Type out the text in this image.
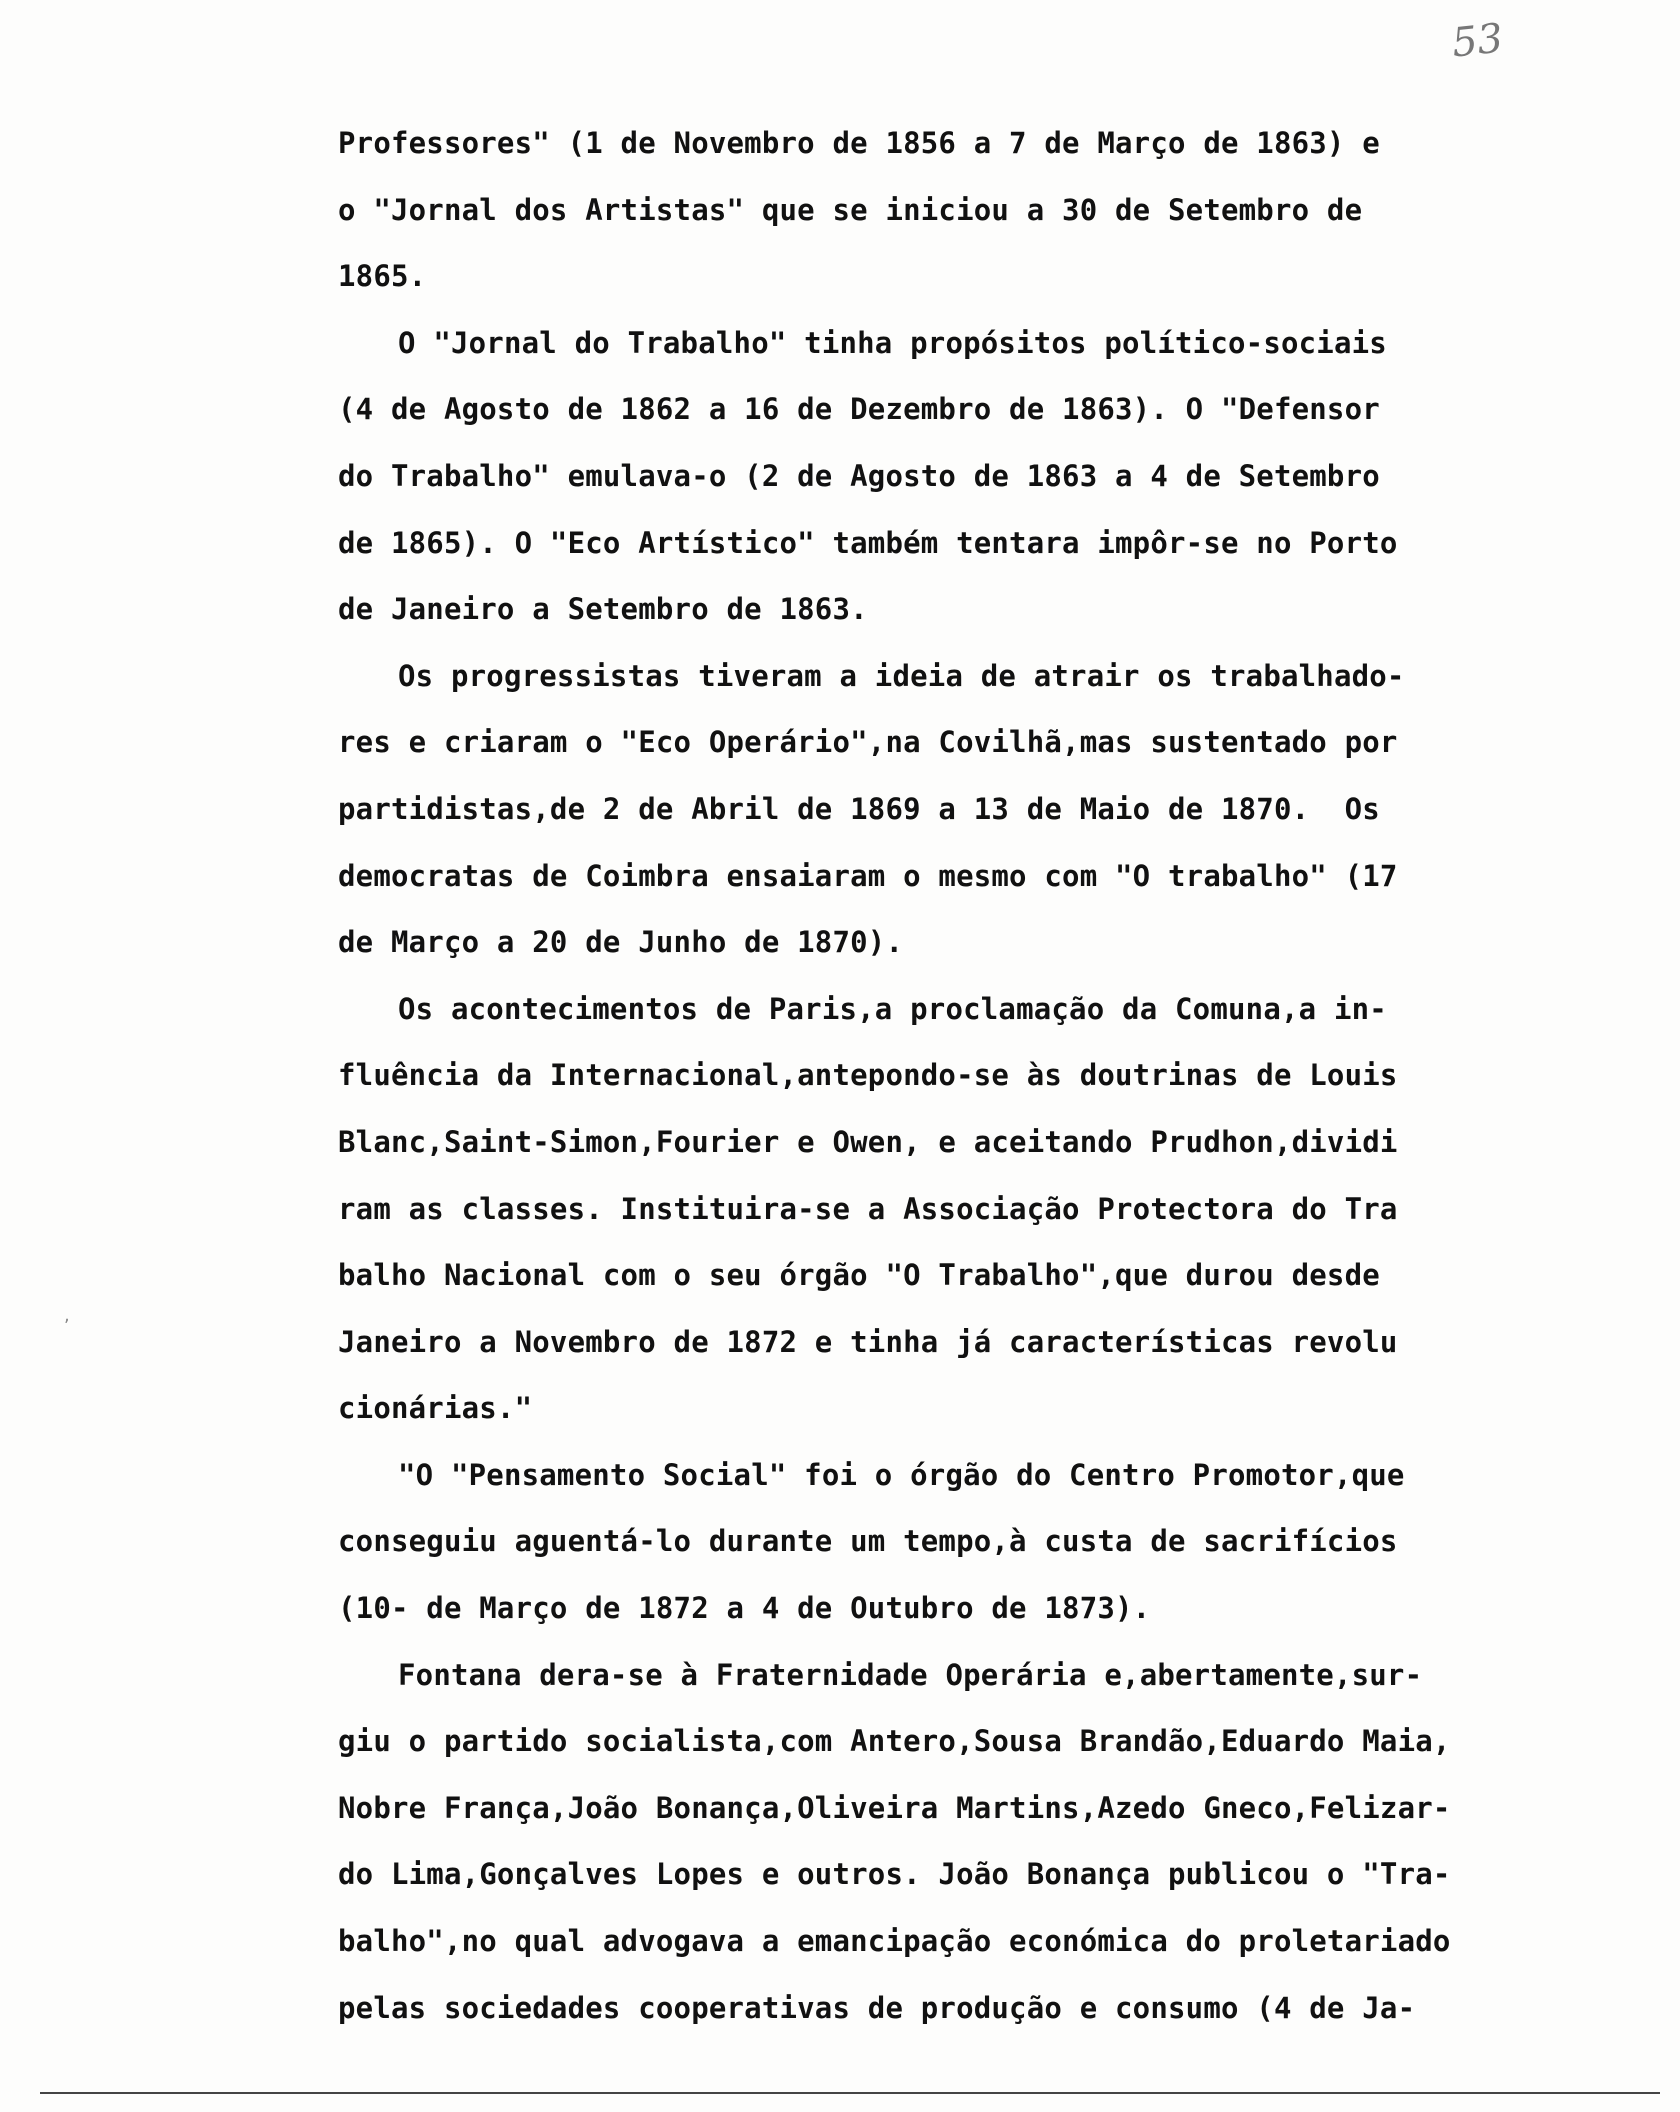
53
Professores" (1 de Novembro de 1856 a 7 de Março de 1863) e
o "Jornal dos Artistas" que se iniciou a 30 de Setembro de
1865.
O "Jornal do Trabalho" tinha propósitos político-sociais
(4 de Agosto de 1862 a 16 de Dezembro de 1863). O "Defensor
do Trabalho" emulava-o (2 de Agosto de 1863 a 4 de Setembro
de 1865). O "Eco Artístico" também tentara impôr-se no Porto
de Janeiro a Setembro de 1863.
Os progressistas tiveram a ideia de atrair os trabalhado-
res e criaram o "Eco Operário",na Covilhã,mas sustentado por
partidistas,de 2 de Abril de 1869 a 13 de Maio de 1870.  Os
democratas de Coimbra ensaiaram o mesmo com "O trabalho" (17
de Março a 20 de Junho de 1870).
Os acontecimentos de Paris,a proclamação da Comuna,a in-
fluência da Internacional,antepondo-se às doutrinas de Louis
Blanc,Saint-Simon,Fourier e Owen, e aceitando Prudhon,dividi
ram as classes. Instituira-se a Associação Protectora do Tra
balho Nacional com o seu órgão "O Trabalho",que durou desde
Janeiro a Novembro de 1872 e tinha já características revolu
cionárias."
"O "Pensamento Social" foi o órgão do Centro Promotor,que
conseguiu aguentá-lo durante um tempo,à custa de sacrifícios
(10- de Março de 1872 a 4 de Outubro de 1873).
Fontana dera-se à Fraternidade Operária e,abertamente,sur-
giu o partido socialista,com Antero,Sousa Brandão,Eduardo Maia,
Nobre França,João Bonança,Oliveira Martins,Azedo Gneco,Felizar-
do Lima,Gonçalves Lopes e outros. João Bonança publicou o "Tra-
balho",no qual advogava a emancipação económica do proletariado
pelas sociedades cooperativas de produção e consumo (4 de Ja-
,
